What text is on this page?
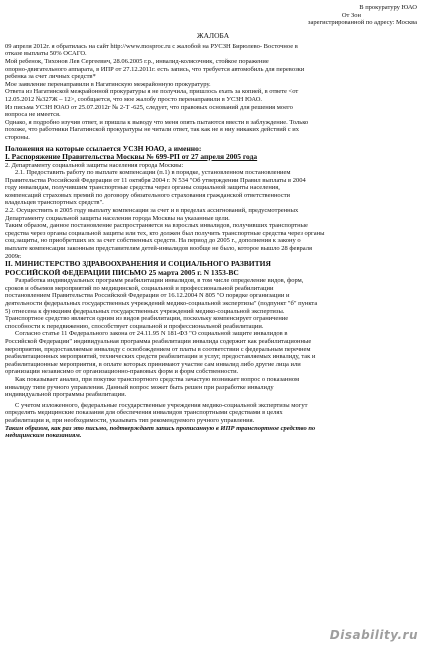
В прокуратуру ЮАО
От Зон
зарегистрированной по адресу: Москва
ЖАЛОБА
09 апреля 2012г. я обратилась на сайт http://www.mosproc.ru с жалобой на РУСЗН Бирюлево- Восточное в
отказе выплаты 50% ОСАГО.
Мой ребенок, Тихонов Лев Сергеевич, 28.06.2005 г.р., инвалид-колясочник, стойкое поражение
опорно-двигательного аппарата, в ИПР от 27.12.2011г. есть запись, что требуется автомобиль для перевозки
ребенка за счет личных средств*
Мое заявление перенаправили в Нагатинскую межрайонную прокуратуру.
Ответа из Нагатинской межрайонной прокуратуры я не получила, пришлось ехать за копией, в ответе <от
12.05.2012 №327Ж – 12>, сообщается, что мое жалобу просто перенаправили в УСЗН ЮАО.
Из письма УСЗН ЮАО от 25.07.2012г № 2-Т -625, следует, что правовых оснований для решения моего
вопроса не имеется.
Однако, я подробно изучив ответ, и пришла к выводу что меня опять пытаются ввести в заблуждение. Только
похоже, что работники Нагатинской прокуратуры не читали ответ, так как не я ниу никаких действий с их
стороны.
Положения на которые ссылается УСЗН ЮАО, а именно:
I. Распоряжение Правительства Москвы № 699-РП от 27 апреля 2005 года
2. Департаменту социальной защиты населения города Москвы:
2.1. Предоставить работу по выплате компенсации (п.1) в порядке, установленном постановлением
Правительства Российской Федерации от 11 октября 2004 г. N 534 "Об утверждении Правил выплаты в 2004
году инвалидам, получившим транспортные средства через органы социальной защиты населения,
компенсаций страховых премий по договору обязательного страхования гражданской ответственности
владельцев транспортных средств".
2.2. Осуществить в 2005 году выплату компенсации за счет и в пределах ассигнований, предусмотренных
Департаменту социальной защиты населения города Москвы на указанные цели.
Таким образом, данное постановление распространяется на взрослых инвалидов, получивших транспортные
средства через органы социальной защиты или тех, кто должен был получить транспортные средства через органы
соц.защиты, но приобретших их за счет собственных средств. На период до 2005 г., дополнения к закону о
выплате компенсации законным представителям детей-инвалидов вообще не было, которое вышло 28 февраля
2009г.
II. МИНИСТЕРСТВО ЗДРАВООХРАНЕНИЯ И СОЦИАЛЬНОГО РАЗВИТИЯ
РОССИЙСКОЙ ФЕДЕРАЦИИ ПИСЬМО 25 марта 2005 г. N 1353-ВС
Разработка индивидуальных программ реабилитации инвалидов, в том числе определение видов, форм,
сроков и объемов мероприятий по медицинской, социальной и профессиональной реабилитации
постановлением Правительства Российской Федерации от 16.12.2004 N 805 "О порядке организации и
деятельности федеральных государственных учреждений медико-социальной экспертизы" (подпункт "б" пункта
5) отнесена к функциям федеральных государственных учреждений медико-социальной экспертизы.
Транспортное средство является одним из видов реабилитации, поскольку компенсирует ограничение
способности к передвижению, способствует социальной и профессиональной реабилитации.
Согласно статье 11 Федерального закона от 24.11.95 N 181-ФЗ "О социальной защите инвалидов в
Российской Федерации" индивидуальная программа реабилитации инвалида содержит как реабилитационные
мероприятия, предоставляемые инвалиду с освобождением от платы в соответствии с федеральным перечнем
реабилитационных мероприятий, технических средств реабилитации и услуг, предоставляемых инвалиду, так и
реабилитационные мероприятия, в оплате которых принимают участие сам инвалид либо другие лица или
организации независимо от организационно-правовых форм и форм собственности.
Как показывает анализ, при покупке транспортного средства зачастую возникает вопрос о показанном
инвалиду типе ручного управления. Данный вопрос может быть решен при разработке инвалиду
индивидуальной программы реабилитации.
С учетом изложенного, федеральные государственные учреждения медико-социальной экспертизы могут
определять медицинские показания для обеспечения инвалидов транспортными средствами в целях
реабилитации и, при необходимости, указывать тип рекомендуемого ручного управления.
Таким образом, как раз это письмо, подтверждает запись прописанную в ИПР транспортное средство по
медицинским показаниям.
Disability.ru
